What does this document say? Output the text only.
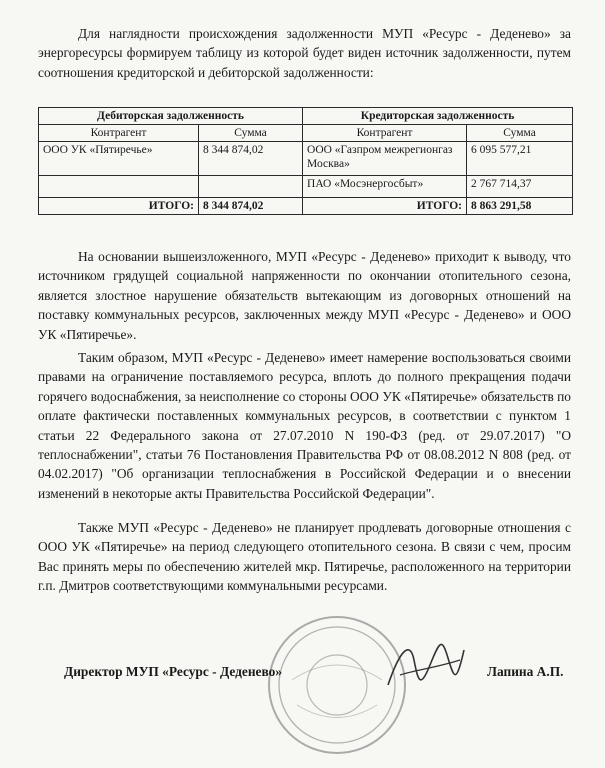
Для наглядности происхождения задолженности МУП «Ресурс - Деденево» за энергоресурсы формируем таблицу из которой будет виден источник задолженности, путем соотношения кредиторской и дебиторской задолженности:
Дебиторская задолженность		Кредиторская задолженность	
Контрагент	Сумма	Контрагент	Сумма
ООО УК «Пятиречье»	8 344 874,02	ООО «Газпром межрегионгаз Москва»	6 095 577,21
		ПАО «Мосэнергосбыт»	2 767 714,37
ИТОГО:	8 344 874,02	ИТОГО:	8 863 291,58
На основании вышеизложенного, МУП «Ресурс - Деденево» приходит к выводу, что источником грядущей социальной напряженности по окончании отопительного сезона, является злостное нарушение обязательств вытекающим из договорных отношений на поставку коммунальных ресурсов, заключенных между МУП «Ресурс - Деденево» и ООО УК «Пятиречье».
Таким образом, МУП «Ресурс - Деденево» имеет намерение воспользоваться своими правами на ограничение поставляемого ресурса, вплоть до полного прекращения подачи горячего водоснабжения, за неисполнение со стороны ООО УК «Пятиречье» обязательств по оплате фактически поставленных коммунальных ресурсов, в соответствии с пунктом 1 статьи 22 Федерального закона от 27.07.2010 N 190-ФЗ (ред. от 29.07.2017) "О теплоснабжении", статьи 76 Постановления Правительства РФ от 08.08.2012 N 808 (ред. от 04.02.2017) "Об организации теплоснабжения в Российской Федерации и о внесении изменений в некоторые акты Правительства Российской Федерации".
Также МУП «Ресурс - Деденево» не планирует продлевать договорные отношения с ООО УК «Пятиречье» на период следующего отопительного сезона. В связи с чем, просим Вас принять меры по обеспечению жителей мкр. Пятиречье, расположенного на территории г.п. Дмитров соответствующими коммунальными ресурсами.
Директор МУП «Ресурс - Деденево»	Лапина А.П.
